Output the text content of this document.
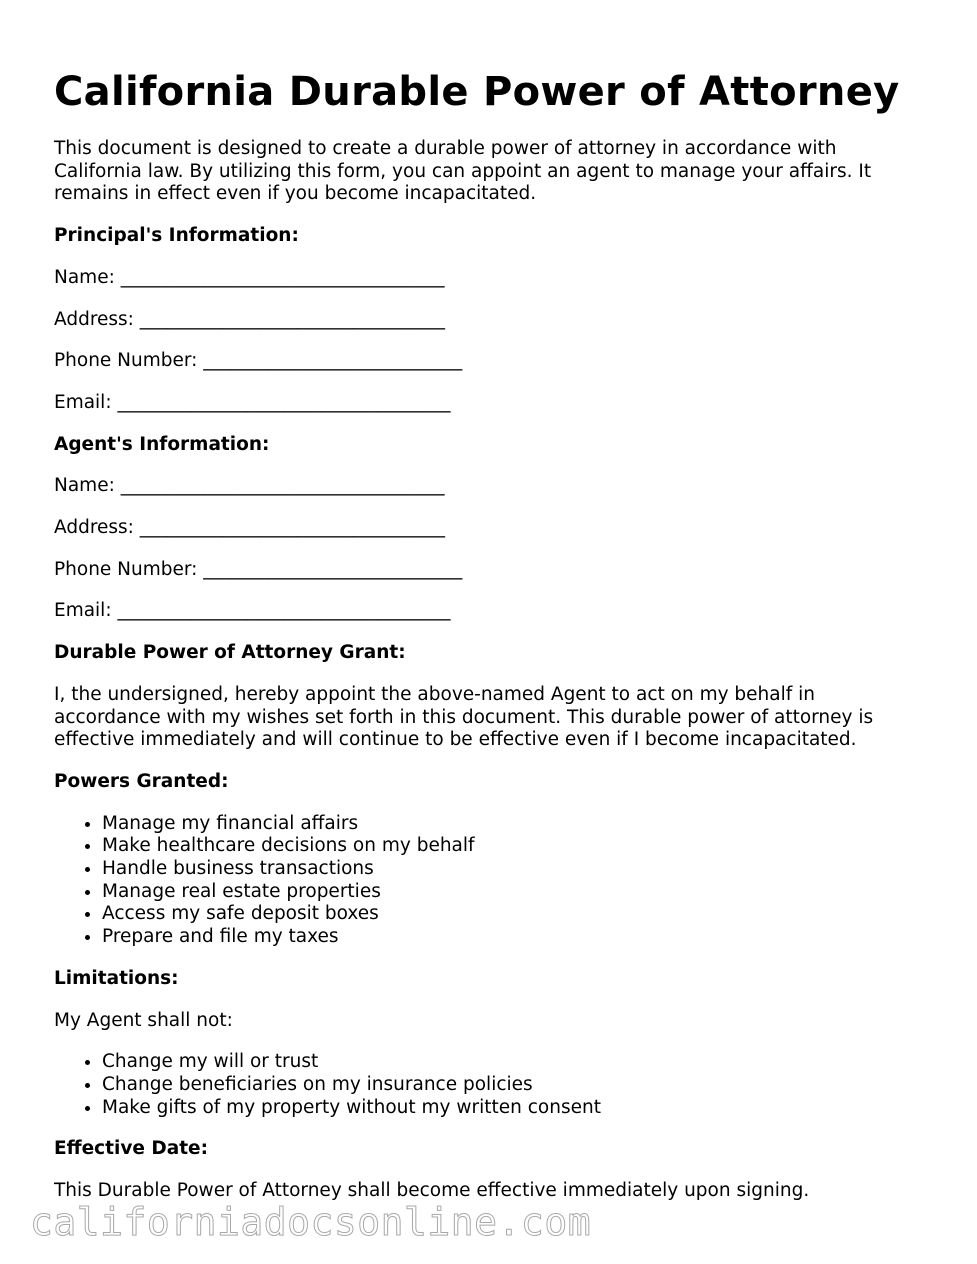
California Durable Power of Attorney

This document is designed to create a durable power of attorney in accordance with California law. By utilizing this form, you can appoint an agent to manage your affairs. It remains in effect even if you become incapacitated.

Principal's Information:

Name: ___________________________________

Address: _________________________________

Phone Number: ____________________________

Email: ____________________________________

Agent's Information:

Name: ___________________________________

Address: _________________________________

Phone Number: ____________________________

Email: ____________________________________

Durable Power of Attorney Grant:

I, the undersigned, hereby appoint the above-named Agent to act on my behalf in accordance with my wishes set forth in this document. This durable power of attorney is effective immediately and will continue to be effective even if I become incapacitated.

Powers Granted:

• Manage my financial affairs
• Make healthcare decisions on my behalf
• Handle business transactions
• Manage real estate properties
• Access my safe deposit boxes
• Prepare and file my taxes

Limitations:

My Agent shall not:

• Change my will or trust
• Change beneficiaries on my insurance policies
• Make gifts of my property without my written consent

Effective Date:

This Durable Power of Attorney shall become effective immediately upon signing.

californiadocsonline.com
